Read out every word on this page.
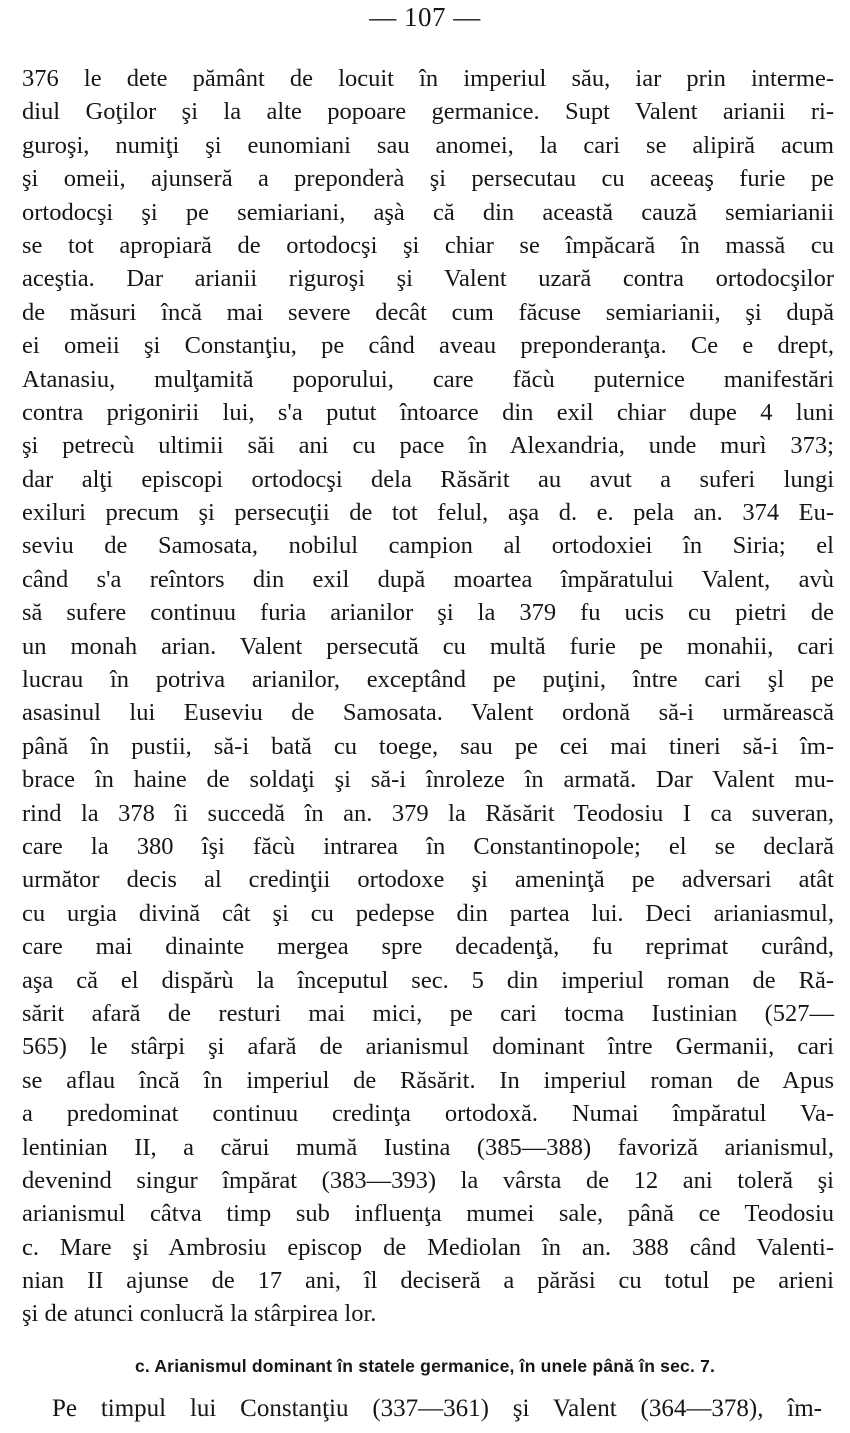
— 107 —
376 le dete pământ de locuit în imperiul său, iar prin interme-
diul Goţilor şi la alte popoare germanice. Supt Valent arianii ri-
guroşi, numiţi şi eunomiani sau anomei, la cari se alipiră acum
şi omeii, ajunseră a preponderà şi persecutau cu aceeaş furie pe
ortodocşi şi pe semiariani, aşà că din această cauză semiarianii
se tot apropiară de ortodocşi şi chiar se împăcară în massă cu
aceştia. Dar arianii riguroşi şi Valent uzară contra ortodocşilor
de măsuri încă mai severe decât cum făcuse semiarianii, şi după
ei omeii şi Constanţiu, pe când aveau preponderanţa. Ce e drept,
Atanasiu, mulţamită poporului, care făcù puternice manifestări
contra prigonirii lui, s'a putut întoarce din exil chiar dupe 4 luni
şi petrecù ultimii săi ani cu pace în Alexandria, unde murì 373;
dar alţi episcopi ortodocşi dela Răsărit au avut a suferi lungi
exiluri precum şi persecuţii de tot felul, aşa d. e. pela an. 374 Eu-
seviu de Samosata, nobilul campion al ortodoxiei în Siria; el
când s'a reîntors din exil după moartea împăratului Valent, avù
să sufere continuu furia arianilor şi la 379 fu ucis cu pietri de
un monah arian. Valent persecută cu multă furie pe monahii, cari
lucrau în potriva arianilor, exceptând pe puţini, între cari şl pe
asasinul lui Euseviu de Samosata. Valent ordonă să-i urmărească
până în pustii, să-i bată cu toege, sau pe cei mai tineri să-i îm-
brace în haine de soldaţi şi să-i înroleze în armată. Dar Valent mu-
rind la 378 îi succedă în an. 379 la Răsărit Teodosiu I ca suveran,
care la 380 îşi făcù intrarea în Constantinopole; el se declară
următor decis al credinţii ortodoxe şi ameninţă pe adversari atât
cu urgia divină cât şi cu pedepse din partea lui. Deci arianiasmul,
care mai dinainte mergea spre decadenţă, fu reprimat curând,
aşa că el dispărù la începutul sec. 5 din imperiul roman de Ră-
sărit afară de resturi mai mici, pe cari tocma Iustinian (527—
565) le stârpi şi afară de arianismul dominant între Germanii, cari
se aflau încă în imperiul de Răsărit. In imperiul roman de Apus
a predominat continuu credinţa ortodoxă. Numai împăratul Va-
lentinian II, a cărui mumă Iustina (385—388) favoriză arianismul,
devenind singur împărat (383—393) la vârsta de 12 ani toleră şi
arianismul câtva timp sub influenţa mumei sale, până ce Teodosiu
c. Mare şi Ambrosiu episcop de Mediolan în an. 388 când Valenti-
nian II ajunse de 17 ani, îl deciseră a părăsi cu totul pe arieni
şi de atunci conlucră la stârpirea lor.
c. Arianismul dominant în statele germanice, în unele până în sec. 7.
Pe timpul lui Constanţiu (337—361) şi Valent (364—378), îm-
